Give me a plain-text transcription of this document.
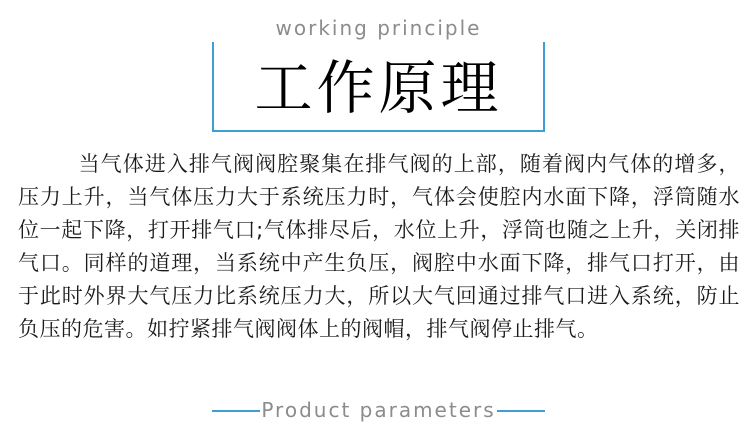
working principle
工作原理
当气体进入排气阀阀腔聚集在排气阀的上部，随着阀内气体的增多，压力上升，当气体压力大于系统压力时，气体会使腔内水面下降，浮筒随水位一起下降，打开排气口;气体排尽后，水位上升，浮筒也随之上升，关闭排气口。同样的道理，当系统中产生负压，阀腔中水面下降，排气口打开，由于此时外界大气压力比系统压力大，所以大气回通过排气口进入系统，防止负压的危害。如拧紧排气阀阀体上的阀帽，排气阀停止排气。
Product parameters
